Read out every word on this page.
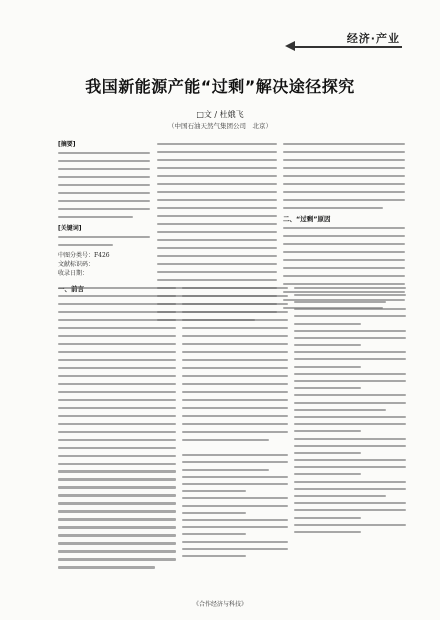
经济·产业
我国新能源产能“过剩”解决途径探究
□文 / 杜娥飞
（中国石油天然气集团公司　北京）
[摘要]
[关键词]
中图分类号：F426
文献标识码：
收录日期：
二、“过剩”原因
《合作经济与科技》
